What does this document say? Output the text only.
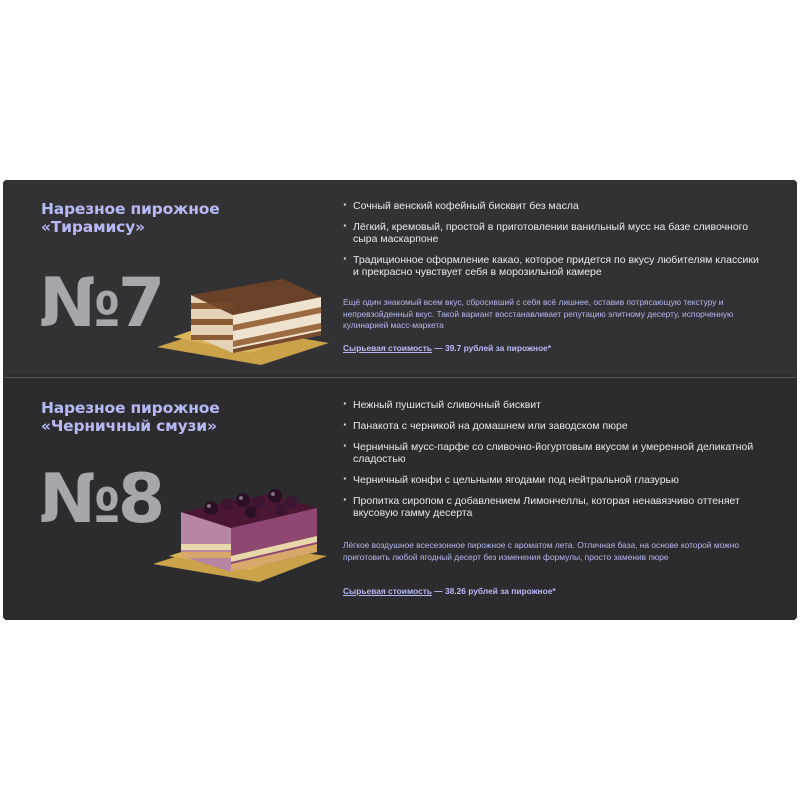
Нарезное пирожное
«Тирамису»
№7
· Сочный венский кофейный бисквит без масла
· Лёгкий, кремовый, простой в приготовлении ванильный мусс на базе сливочного сыра маскарпоне
· Традиционное оформление какао, которое придется по вкусу любителям классики и прекрасно чувствует себя в морозильной камере
Ещё один знакомый всем вкус, сбросивший с себя всё лишнее, оставив потрясающую текстуру и непревзойденный вкус. Такой вариант восстанавливает репутацию элитному десерту, испорченную кулинарией масс-маркета
Сырьевая стоимость — 39.7 рублей за пирожное*
Нарезное пирожное
«Черничный смузи»
№8
· Нежный пушистый сливочный бисквит
· Панакота с черникой на домашнем или заводском пюре
· Черничный мусс-парфе со сливочно-йогуртовым вкусом и умеренной деликатной сладостью
· Черничный конфи с цельными ягодами под нейтральной глазурью
· Пропитка сиропом с добавлением Лимончеллы, которая ненавязчиво оттеняет вкусовую гамму десерта
Лёгкое воздушное всесезонное пирожное с ароматом лета. Отличная база, на основе которой можно приготовить любой ягодный десерт без изменения формулы, просто заменив пюре
Сырьевая стоимость — 38.26 рублей за пирожное*
